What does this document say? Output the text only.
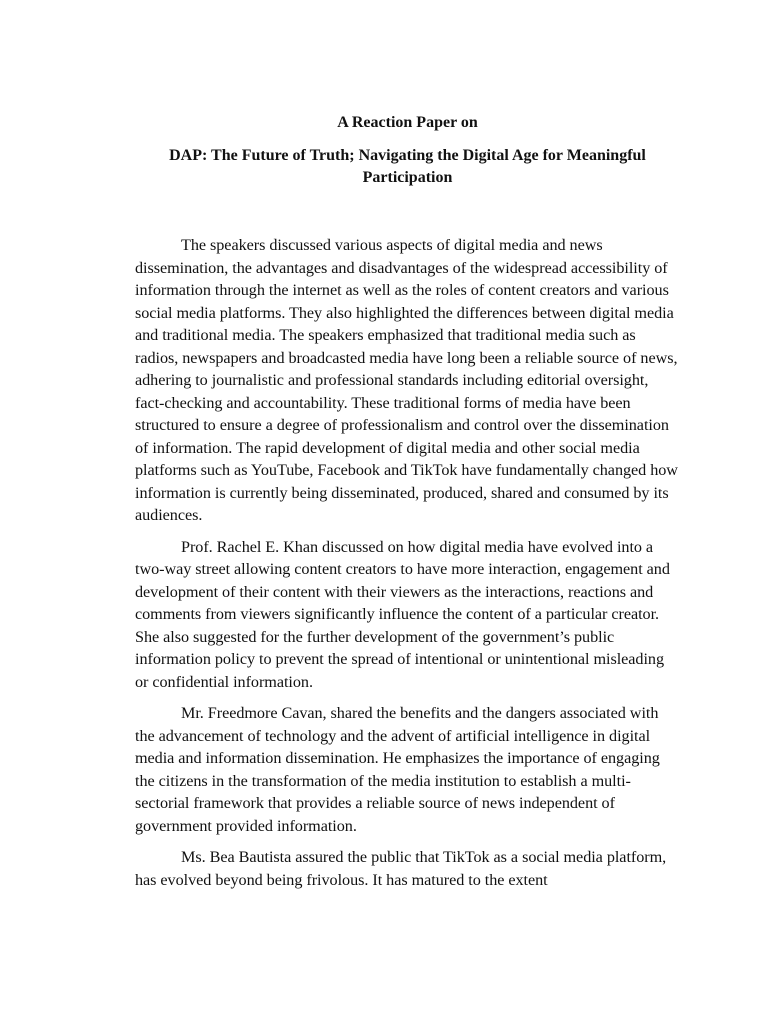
A Reaction Paper on
DAP: The Future of Truth; Navigating the Digital Age for Meaningful Participation

The speakers discussed various aspects of digital media and news dissemination, the advantages and disadvantages of the widespread accessibility of information through the internet as well as the roles of content creators and various social media platforms. They also highlighted the differences between digital media and traditional media. The speakers emphasized that traditional media such as radios, newspapers and broadcasted media have long been a reliable source of news, adhering to journalistic and professional standards including editorial oversight, fact-checking and accountability. These traditional forms of media have been structured to ensure a degree of professionalism and control over the dissemination of information. The rapid development of digital media and other social media platforms such as YouTube, Facebook and TikTok have fundamentally changed how information is currently being disseminated, produced, shared and consumed by its audiences.

Prof. Rachel E. Khan discussed on how digital media have evolved into a two-way street allowing content creators to have more interaction, engagement and development of their content with their viewers as the interactions, reactions and comments from viewers significantly influence the content of a particular creator. She also suggested for the further development of the government’s public information policy to prevent the spread of intentional or unintentional misleading or confidential information.

Mr. Freedmore Cavan, shared the benefits and the dangers associated with the advancement of technology and the advent of artificial intelligence in digital media and information dissemination. He emphasizes the importance of engaging the citizens in the transformation of the media institution to establish a multi-sectorial framework that provides a reliable source of news independent of government provided information.

Ms. Bea Bautista assured the public that TikTok as a social media platform, has evolved beyond being frivolous. It has matured to the extent
